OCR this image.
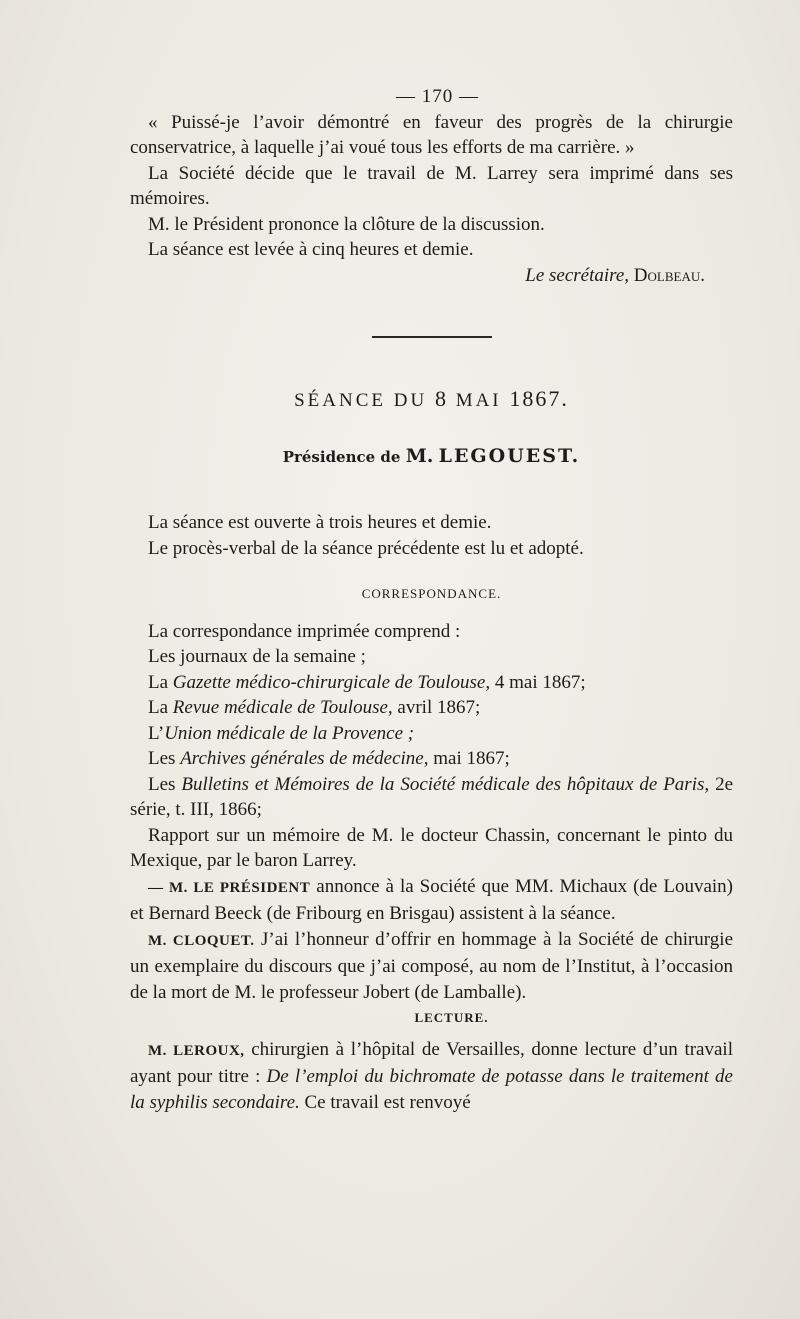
— 170 —

« Puissé-je l’avoir démontré en faveur des progrès de la chirurgie conservatrice, à laquelle j’ai voué tous les efforts de ma carrière. »

La Société décide que le travail de M. Larrey sera imprimé dans ses mémoires.

M. le Président prononce la clôture de la discussion.

La séance est levée à cinq heures et demie.

Le secrétaire, Dolbeau.

SÉANCE DU 8 MAI 1867.

Présidence de M. LEGOUEST.

La séance est ouverte à trois heures et demie.

Le procès-verbal de la séance précédente est lu et adopté.

CORRESPONDANCE.

La correspondance imprimée comprend :

Les journaux de la semaine ;

La Gazette médico-chirurgicale de Toulouse, 4 mai 1867;

La Revue médicale de Toulouse, avril 1867;

L’Union médicale de la Provence ;

Les Archives générales de médecine, mai 1867;

Les Bulletins et Mémoires de la Société médicale des hôpitaux de Paris, 2e série, t. III, 1866;

Rapport sur un mémoire de M. le docteur Chassin, concernant le pinto du Mexique, par le baron Larrey.

— M. LE PRÉSIDENT annonce à la Société que MM. Michaux (de Louvain) et Bernard Beeck (de Fribourg en Brisgau) assistent à la séance.

M. CLOQUET. J’ai l’honneur d’offrir en hommage à la Société de chirurgie un exemplaire du discours que j’ai composé, au nom de l’Institut, à l’occasion de la mort de M. le professeur Jobert (de Lamballe).

LECTURE.

M. LEROUX, chirurgien à l’hôpital de Versailles, donne lecture d’un travail ayant pour titre : De l’emploi du bichromate de potasse dans le traitement de la syphilis secondaire. Ce travail est renvoyé
